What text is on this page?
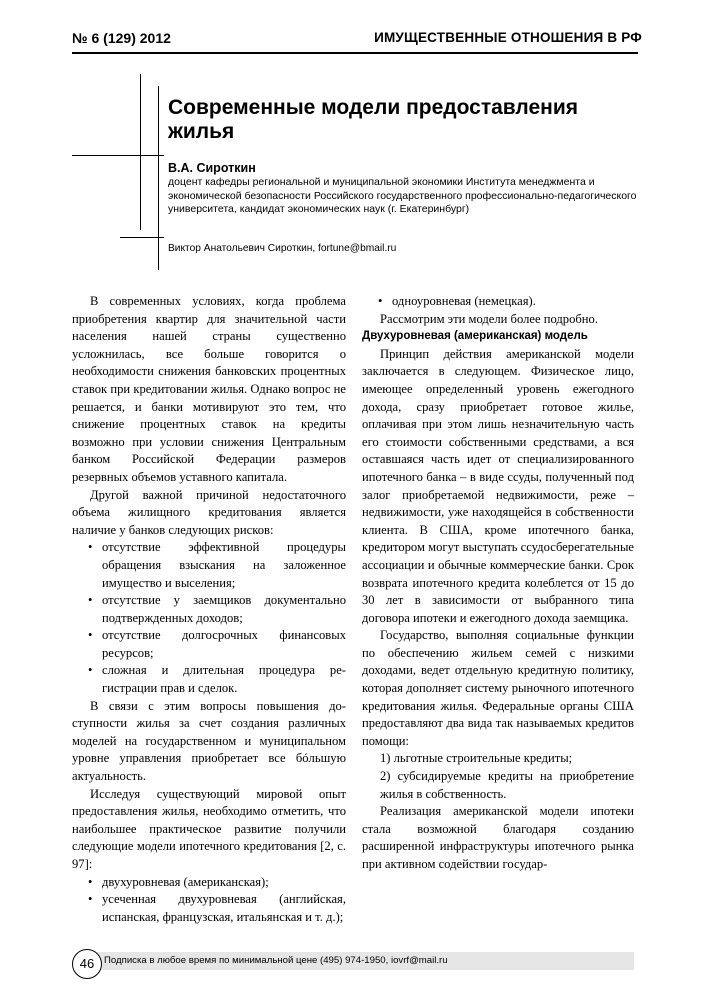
№ 6 (129) 2012	ИМУЩЕСТВЕННЫЕ ОТНОШЕНИЯ В РФ
Современные модели предоставления жилья
В.А. Сироткин
доцент кафедры региональной и муниципальной экономики Института менеджмента и экономической безопасности Российского государственного профессионально-педагогического университета, кандидат экономических наук (г. Екатеринбург)
Виктор Анатольевич Сироткин, fortune@bmail.ru

В современных условиях, когда проблема приобретения квартир для значительной части населения нашей страны существенно усложнилась, все больше говорится о необходимости снижения банковских процентных ставок при кредитовании жилья. Однако вопрос не решается, и банки мотивируют это тем, что снижение процентных ставок на кредиты возможно при условии снижения Центральным банком Российской Федерации размеров резервных объемов уставного капитала.

Другой важной причиной недостаточного объема жилищного кредитования является наличие у банков следующих рисков:

• отсутствие эффективной процедуры обращения взыскания на заложенное имущество и выселения;
• отсутствие у заемщиков документально подтвержденных доходов;
• отсутствие долгосрочных финансовых ресурсов;
• сложная и длительная процедура регистрации прав и сделок.

В связи с этим вопросы повышения доступности жилья за счет создания различных моделей на государственном и муниципальном уровне управления приобретает все бóльшую актуальность.

Исследуя существующий мировой опыт предоставления жилья, необходимо отметить, что наибольшее практическое развитие получили следующие модели ипотечного кредитования [2, с. 97]:

• двухуровневая (американская);
• усеченная двухуровневая (английская, испанская, французская, итальянская и т. д.);
• одноуровневая (немецкая).

Рассмотрим эти модели более подробно.

Двухуровневая (американская) модель

Принцип действия американской модели заключается в следующем. Физическое лицо, имеющее определенный уровень ежегодного дохода, сразу приобретает готовое жилье, оплачивая при этом лишь незначительную часть его стоимости собственными средствами, а вся оставшаяся часть идет от специализированного ипотечного банка – в виде ссуды, полученный под залог приобретаемой недвижимости, реже – недвижимости, уже находящейся в собственности клиента. В США, кроме ипотечного банка, кредитором могут выступать ссудосберегательные ассоциации и обычные коммерческие банки. Срок возврата ипотечного кредита колеблется от 15 до 30 лет в зависимости от выбранного типа договора ипотеки и ежегодного дохода заемщика.

Государство, выполняя социальные функции по обеспечению жильем семей с низкими доходами, ведет отдельную кредитную политику, которая дополняет систему рыночного ипотечного кредитования жилья. Федеральные органы США предоставляют два вида так называемых кредитов помощи:

1) льготные строительные кредиты;

2) субсидируемые кредиты на приобретение жилья в собственность.

Реализация американской модели ипотеки стала возможной благодаря созданию расширенной инфраструктуры ипотечного рынка при активном содействии государ-

Подписка в любое время по минимальной цене (495) 974-1950, iovrf@mail.ru
46
